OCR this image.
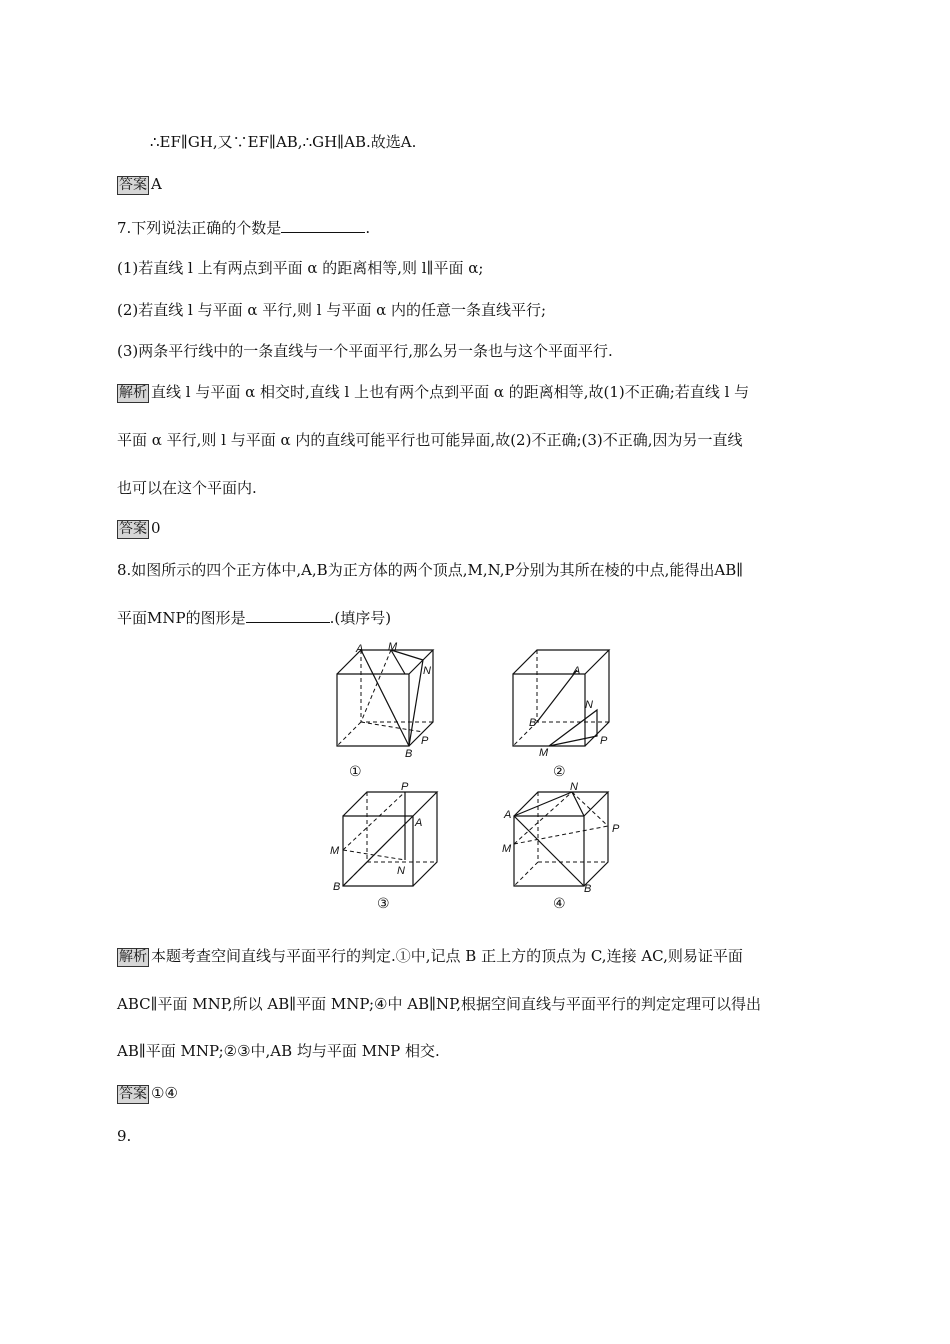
∴EF∥GH,又∵EF∥AB,∴GH∥AB.故选A.
答案 A
7.下列说法正确的个数是	.
(1)若直线 l 上有两点到平面 α 的距离相等,则 l∥平面 α;
(2)若直线 l 与平面 α 平行,则 l 与平面 α 内的任意一条直线平行;
(3)两条平行线中的一条直线与一个平面平行,那么另一条也与这个平面平行.
解析 直线 l 与平面 α 相交时,直线 l 上也有两个点到平面 α 的距离相等,故(1)不正确;若直线 l 与
平面 α 平行,则 l 与平面 α 内的直线可能平行也可能异面,故(2)不正确;(3)不正确,因为另一直线
也可以在这个平面内.
答案 0
8.如图所示的四个正方体中,A,B为正方体的两个顶点,M,N,P分别为其所在棱的中点,能得出AB∥
平面MNP的图形是	.(填序号)
A M
N
P
B
①
A
N
B
M
P
②
P
A
M
N
B
③
N
A
P
M
B
④
解析 本题考查空间直线与平面平行的判定.①中,记点 B 正上方的顶点为 C,连接 AC,则易证平面
ABC∥平面 MNP,所以 AB∥平面 MNP;④中 AB∥NP,根据空间直线与平面平行的判定定理可以得出
AB∥平面 MNP;②③中,AB 均与平面 MNP 相交.
答案 ①④
9.
